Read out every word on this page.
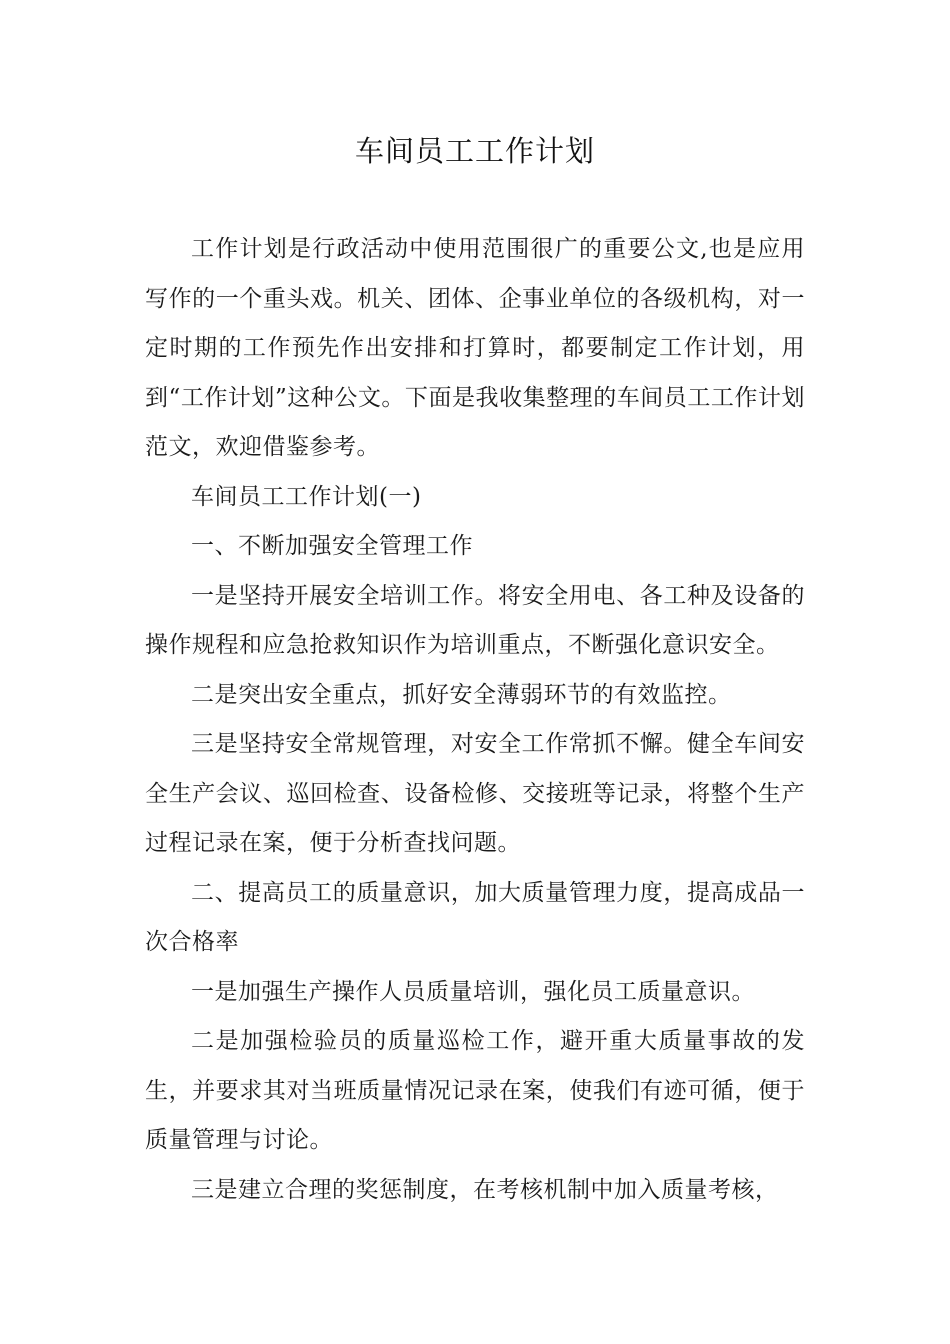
车间员工工作计划

工作计划是行政活动中使用范围很广的重要公文,也是应用写作的一个重头戏。机关、团体、企事业单位的各级机构，对一定时期的工作预先作出安排和打算时，都要制定工作计划，用到“工作计划”这种公文。下面是我收集整理的车间员工工作计划范文，欢迎借鉴参考。

车间员工工作计划(一)

一、不断加强安全管理工作

一是坚持开展安全培训工作。将安全用电、各工种及设备的操作规程和应急抢救知识作为培训重点，不断强化意识安全。

二是突出安全重点，抓好安全薄弱环节的有效监控。

三是坚持安全常规管理，对安全工作常抓不懈。健全车间安全生产会议、巡回检查、设备检修、交接班等记录，将整个生产过程记录在案，便于分析查找问题。

二、提高员工的质量意识，加大质量管理力度，提高成品一次合格率

一是加强生产操作人员质量培训，强化员工质量意识。

二是加强检验员的质量巡检工作，避开重大质量事故的发生，并要求其对当班质量情况记录在案，使我们有迹可循，便于质量管理与讨论。

三是建立合理的奖惩制度，在考核机制中加入质量考核，
